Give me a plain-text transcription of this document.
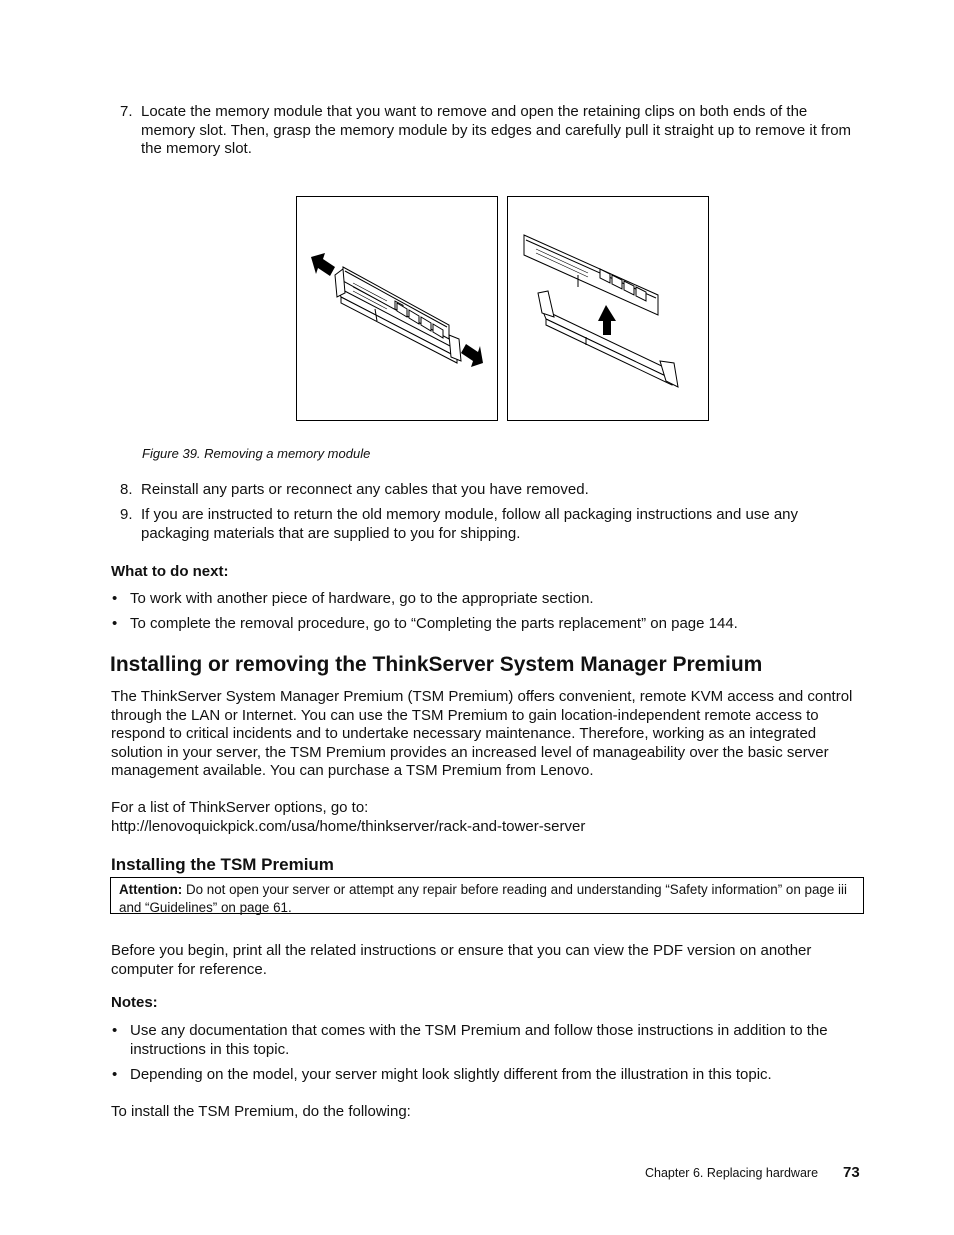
7. Locate the memory module that you want to remove and open the retaining clips on both ends of the memory slot. Then, grasp the memory module by its edges and carefully pull it straight up to remove it from the memory slot.
Figure 39. Removing a memory module
8. Reinstall any parts or reconnect any cables that you have removed.
9. If you are instructed to return the old memory module, follow all packaging instructions and use any packaging materials that are supplied to you for shipping.
What to do next:
• To work with another piece of hardware, go to the appropriate section.
• To complete the removal procedure, go to “Completing the parts replacement” on page 144.
Installing or removing the ThinkServer System Manager Premium

The ThinkServer System Manager Premium (TSM Premium) offers convenient, remote KVM access and control through the LAN or Internet. You can use the TSM Premium to gain location-independent remote access to respond to critical incidents and to undertake necessary maintenance. Therefore, working as an integrated solution in your server, the TSM Premium provides an increased level of manageability over the basic server management available. You can purchase a TSM Premium from Lenovo.

For a list of ThinkServer options, go to:

http://lenovoquickpick.com/usa/home/thinkserver/rack-and-tower-server

Installing the TSM Premium
Attention: Do not open your server or attempt any repair before reading and understanding “Safety information” on page iii and “Guidelines” on page 61.

Before you begin, print all the related instructions or ensure that you can view the PDF version on another computer for reference.

Notes:
• Use any documentation that comes with the TSM Premium and follow those instructions in addition to the instructions in this topic.
• Depending on the model, your server might look slightly different from the illustration in this topic.

To install the TSM Premium, do the following:

Chapter 6. Replacing hardware 73
